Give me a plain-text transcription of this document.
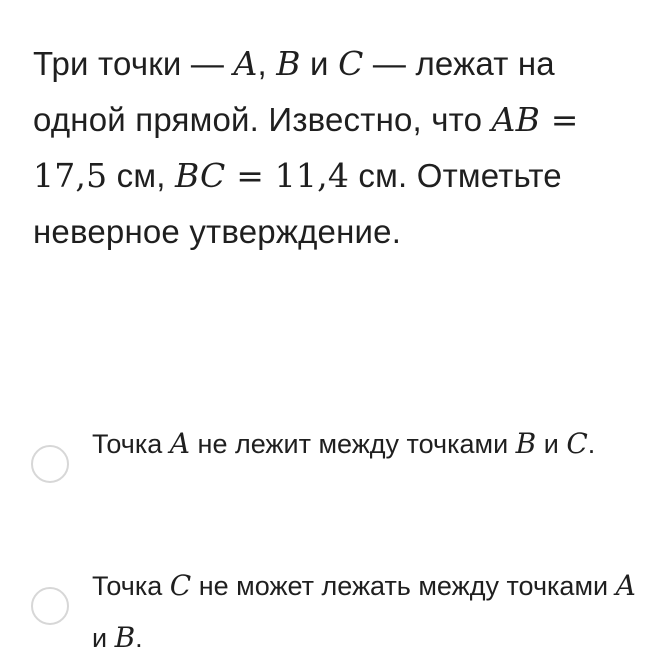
Три точки — A, B и C — лежат на одной прямой. Известно, что AB = 17,5 см, BC = 11,4 см. Отметьте неверное утверждение.
Точка A не лежит между точками B и C.
Точка C не может лежать между точками A и B.
